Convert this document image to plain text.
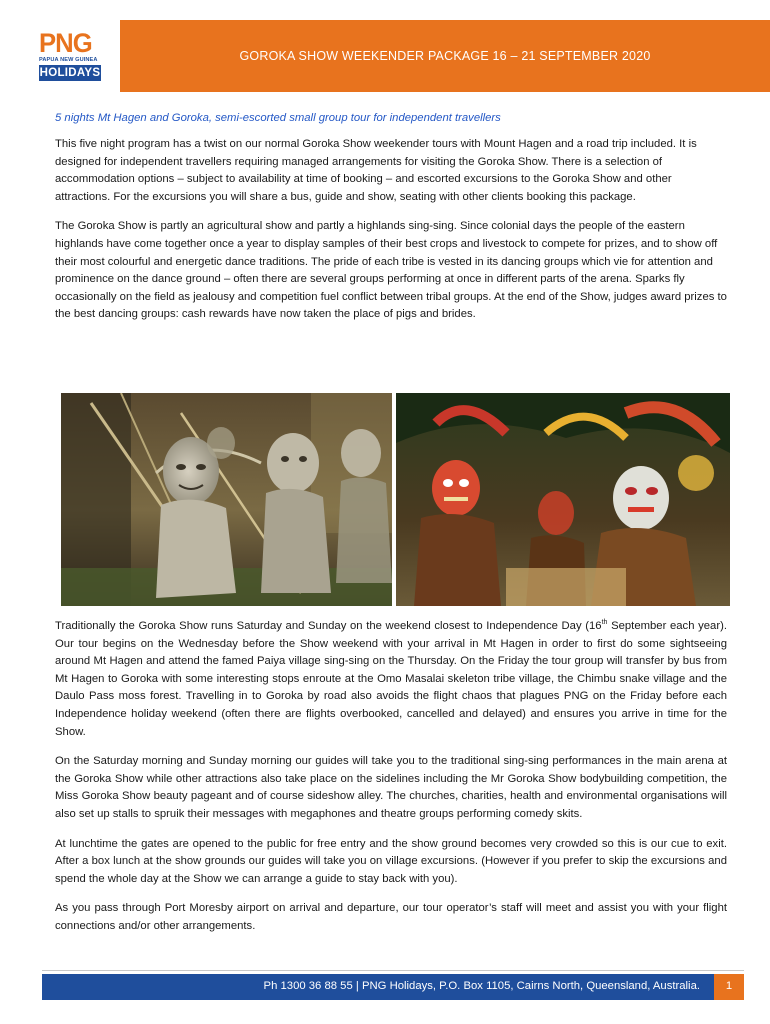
GOROKA SHOW WEEKENDER PACKAGE 16 – 21 SEPTEMBER 2020
PNG
PAPUA NEW GUINEA
HOLIDAYS
5 nights Mt Hagen and Goroka, semi-escorted small group tour for independent travellers

This five night program has a twist on our normal Goroka Show weekender tours with Mount Hagen and a road trip included. It is designed for independent travellers requiring managed arrangements for visiting the Goroka Show. There is a selection of accommodation options – subject to availability at time of booking – and escorted excursions to the Goroka Show and other attractions. For the excursions you will share a bus, guide and show, seating with other clients booking this package.

The Goroka Show is partly an agricultural show and partly a highlands sing-sing. Since colonial days the people of the eastern highlands have come together once a year to display samples of their best crops and livestock to compete for prizes, and to show off their most colourful and energetic dance traditions. The pride of each tribe is vested in its dancing groups which vie for attention and prominence on the dance ground – often there are several groups performing at once in different parts of the arena. Sparks fly occasionally on the field as jealousy and competition fuel conflict between tribal groups. At the end of the Show, judges award prizes to the best dancing groups: cash rewards have now taken the place of pigs and brides.

Traditionally the Goroka Show runs Saturday and Sunday on the weekend closest to Independence Day (16th September each year). Our tour begins on the Wednesday before the Show weekend with your arrival in Mt Hagen in order to first do some sightseeing around Mt Hagen and attend the famed Paiya village sing-sing on the Thursday. On the Friday the tour group will transfer by bus from Mt Hagen to Goroka with some interesting stops enroute at the Omo Masalai skeleton tribe village, the Chimbu snake village and the Daulo Pass moss forest. Travelling in to Goroka by road also avoids the flight chaos that plagues PNG on the Friday before each Independence holiday weekend (often there are flights overbooked, cancelled and delayed) and ensures you arrive in time for the Show.

On the Saturday morning and Sunday morning our guides will take you to the traditional sing-sing performances in the main arena at the Goroka Show while other attractions also take place on the sidelines including the Mr Goroka Show bodybuilding competition, the Miss Goroka Show beauty pageant and of course sideshow alley. The churches, charities, health and environmental organisations will also set up stalls to spruik their messages with megaphones and theatre groups performing comedy skits.

At lunchtime the gates are opened to the public for free entry and the show ground becomes very crowded so this is our cue to exit. After a box lunch at the show grounds our guides will take you on village excursions. (However if you prefer to skip the excursions and spend the whole day at the Show we can arrange a guide to stay back with you).

As you pass through Port Moresby airport on arrival and departure, our tour operator’s staff will meet and assist you with your flight connections and/or other arrangements.

Ph 1300 36 88 55 | PNG Holidays, P.O. Box 1105, Cairns North, Queensland, Australia.	1
